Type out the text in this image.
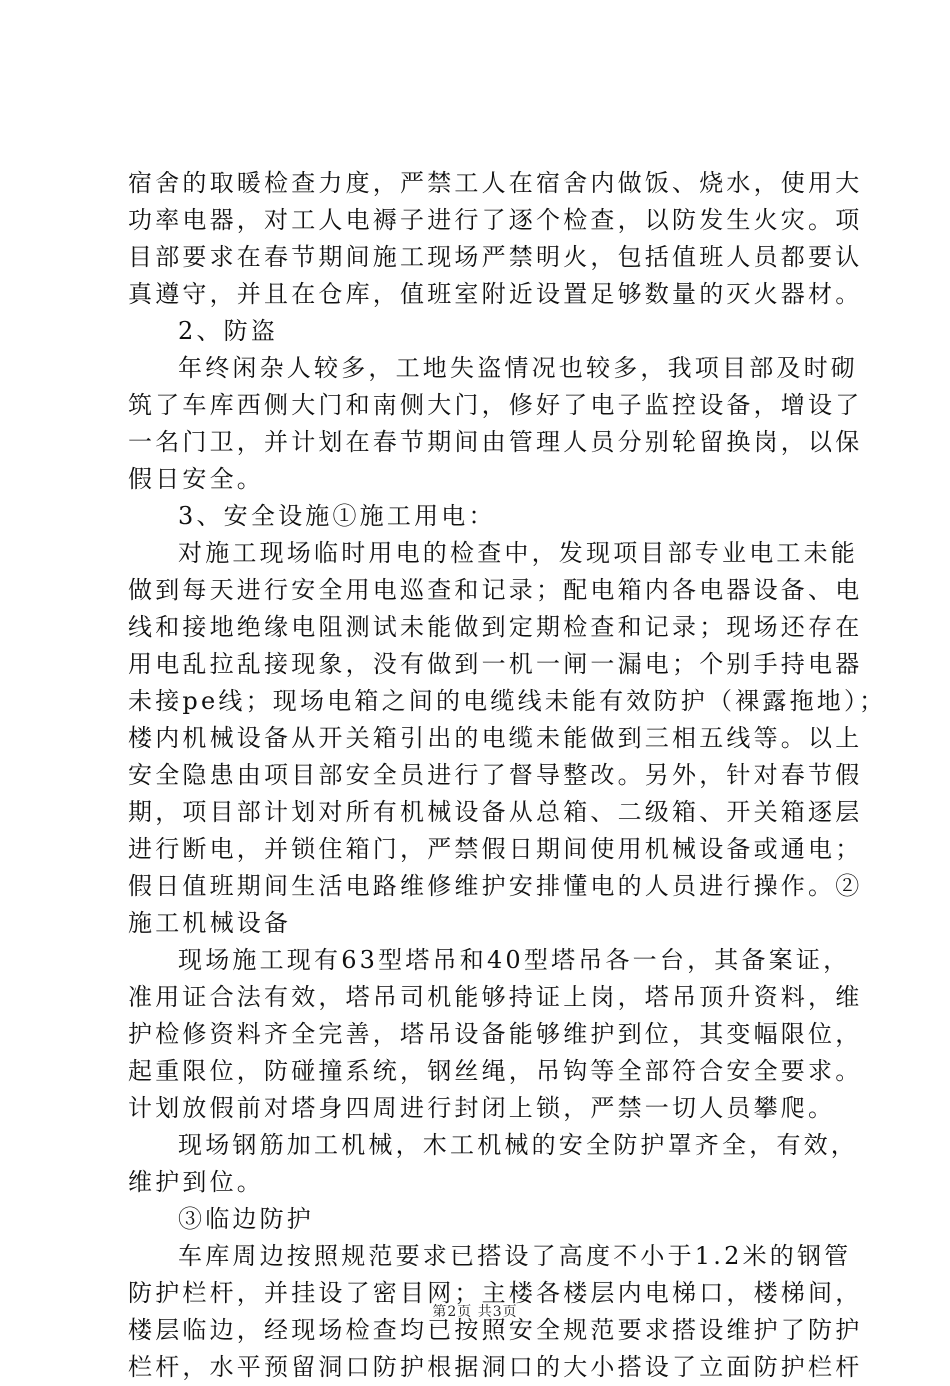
宿舍的取暖检查力度，严禁工人在宿舍内做饭、烧水，使用大
功率电器，对工人电褥子进行了逐个检查，以防发生火灾。项
目部要求在春节期间施工现场严禁明火，包括值班人员都要认
真遵守，并且在仓库，值班室附近设置足够数量的灭火器材。
2、防盗
年终闲杂人较多，工地失盗情况也较多，我项目部及时砌
筑了车库西侧大门和南侧大门，修好了电子监控设备，增设了
一名门卫，并计划在春节期间由管理人员分别轮留换岗，以保
假日安全。
3、安全设施①施工用电：
对施工现场临时用电的检查中，发现项目部专业电工未能
做到每天进行安全用电巡查和记录；配电箱内各电器设备、电
线和接地绝缘电阻测试未能做到定期检查和记录；现场还存在
用电乱拉乱接现象，没有做到一机一闸一漏电；个别手持电器
未接pe线；现场电箱之间的电缆线未能有效防护（裸露拖地）；
楼内机械设备从开关箱引出的电缆未能做到三相五线等。以上
安全隐患由项目部安全员进行了督导整改。另外，针对春节假
期，项目部计划对所有机械设备从总箱、二级箱、开关箱逐层
进行断电，并锁住箱门，严禁假日期间使用机械设备或通电；
假日值班期间生活电路维修维护安排懂电的人员进行操作。②
施工机械设备
现场施工现有63型塔吊和40型塔吊各一台，其备案证，
准用证合法有效，塔吊司机能够持证上岗，塔吊顶升资料，维
护检修资料齐全完善，塔吊设备能够维护到位，其变幅限位，
起重限位，防碰撞系统，钢丝绳，吊钩等全部符合安全要求。
计划放假前对塔身四周进行封闭上锁，严禁一切人员攀爬。
现场钢筋加工机械，木工机械的安全防护罩齐全，有效，
维护到位。
③临边防护
车库周边按照规范要求已搭设了高度不小于1.2米的钢管
防护栏杆，并挂设了密目网；主楼各楼层内电梯口，楼梯间，
楼层临边，经现场检查均已按照安全规范要求搭设维护了防护
栏杆，水平预留洞口防护根据洞口的大小搭设了立面防护栏杆
第2页 共3页
